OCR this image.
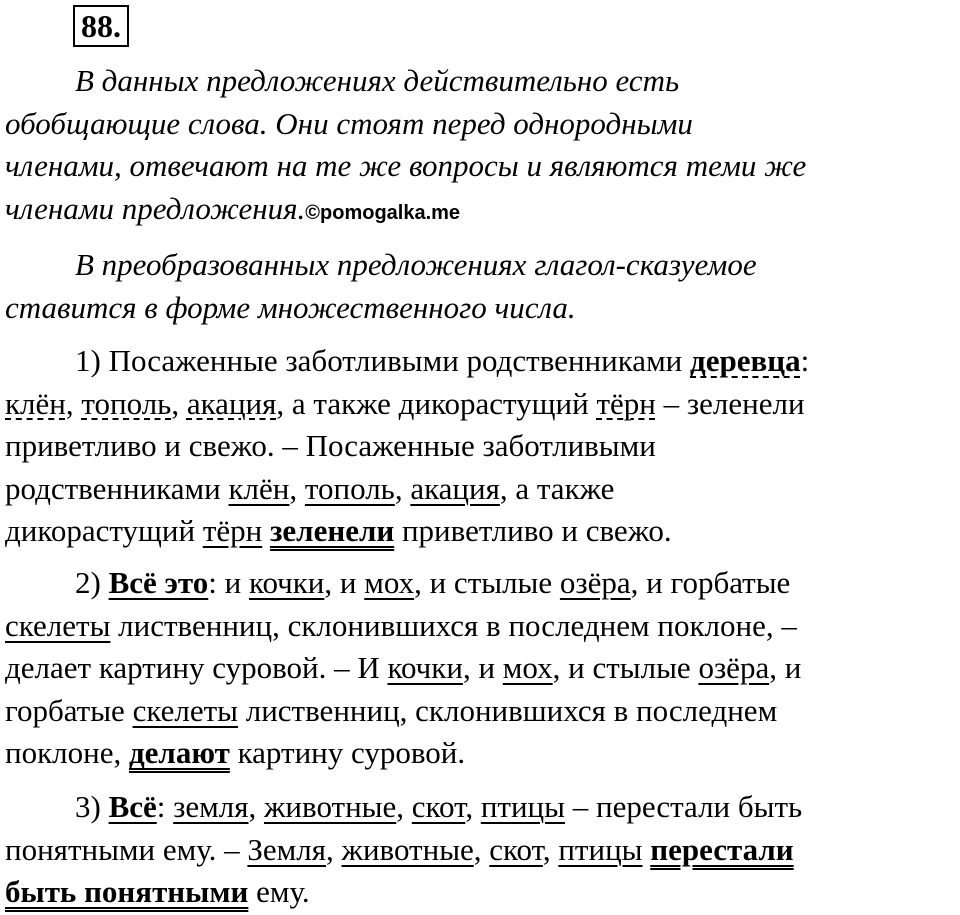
88.
В данных предложениях действительно есть
обобщающие слова. Они стоят перед однородными
членами, отвечают на те же вопросы и являются теми же
членами предложения.©pomogalka.me
В преобразованных предложениях глагол-сказуемое
ставится в форме множественного числа.
1) Посаженные заботливыми родственниками деревца:
клён, тополь, акация, а также дикорастущий тёрн – зеленели
приветливо и свежо. – Посаженные заботливыми
родственниками клён, тополь, акация, а также
дикорастущий тёрн зеленели приветливо и свежо.
2) Всё это: и кочки, и мох, и стылые озёра, и горбатые
скелеты лиственниц, склонившихся в последнем поклоне, –
делает картину суровой. – И кочки, и мох, и стылые озёра, и
горбатые скелеты лиственниц, склонившихся в последнем
поклоне, делают картину суровой.
3) Всё: земля, животные, скот, птицы – перестали быть
понятными ему. – Земля, животные, скот, птицы перестали
быть понятными ему.
